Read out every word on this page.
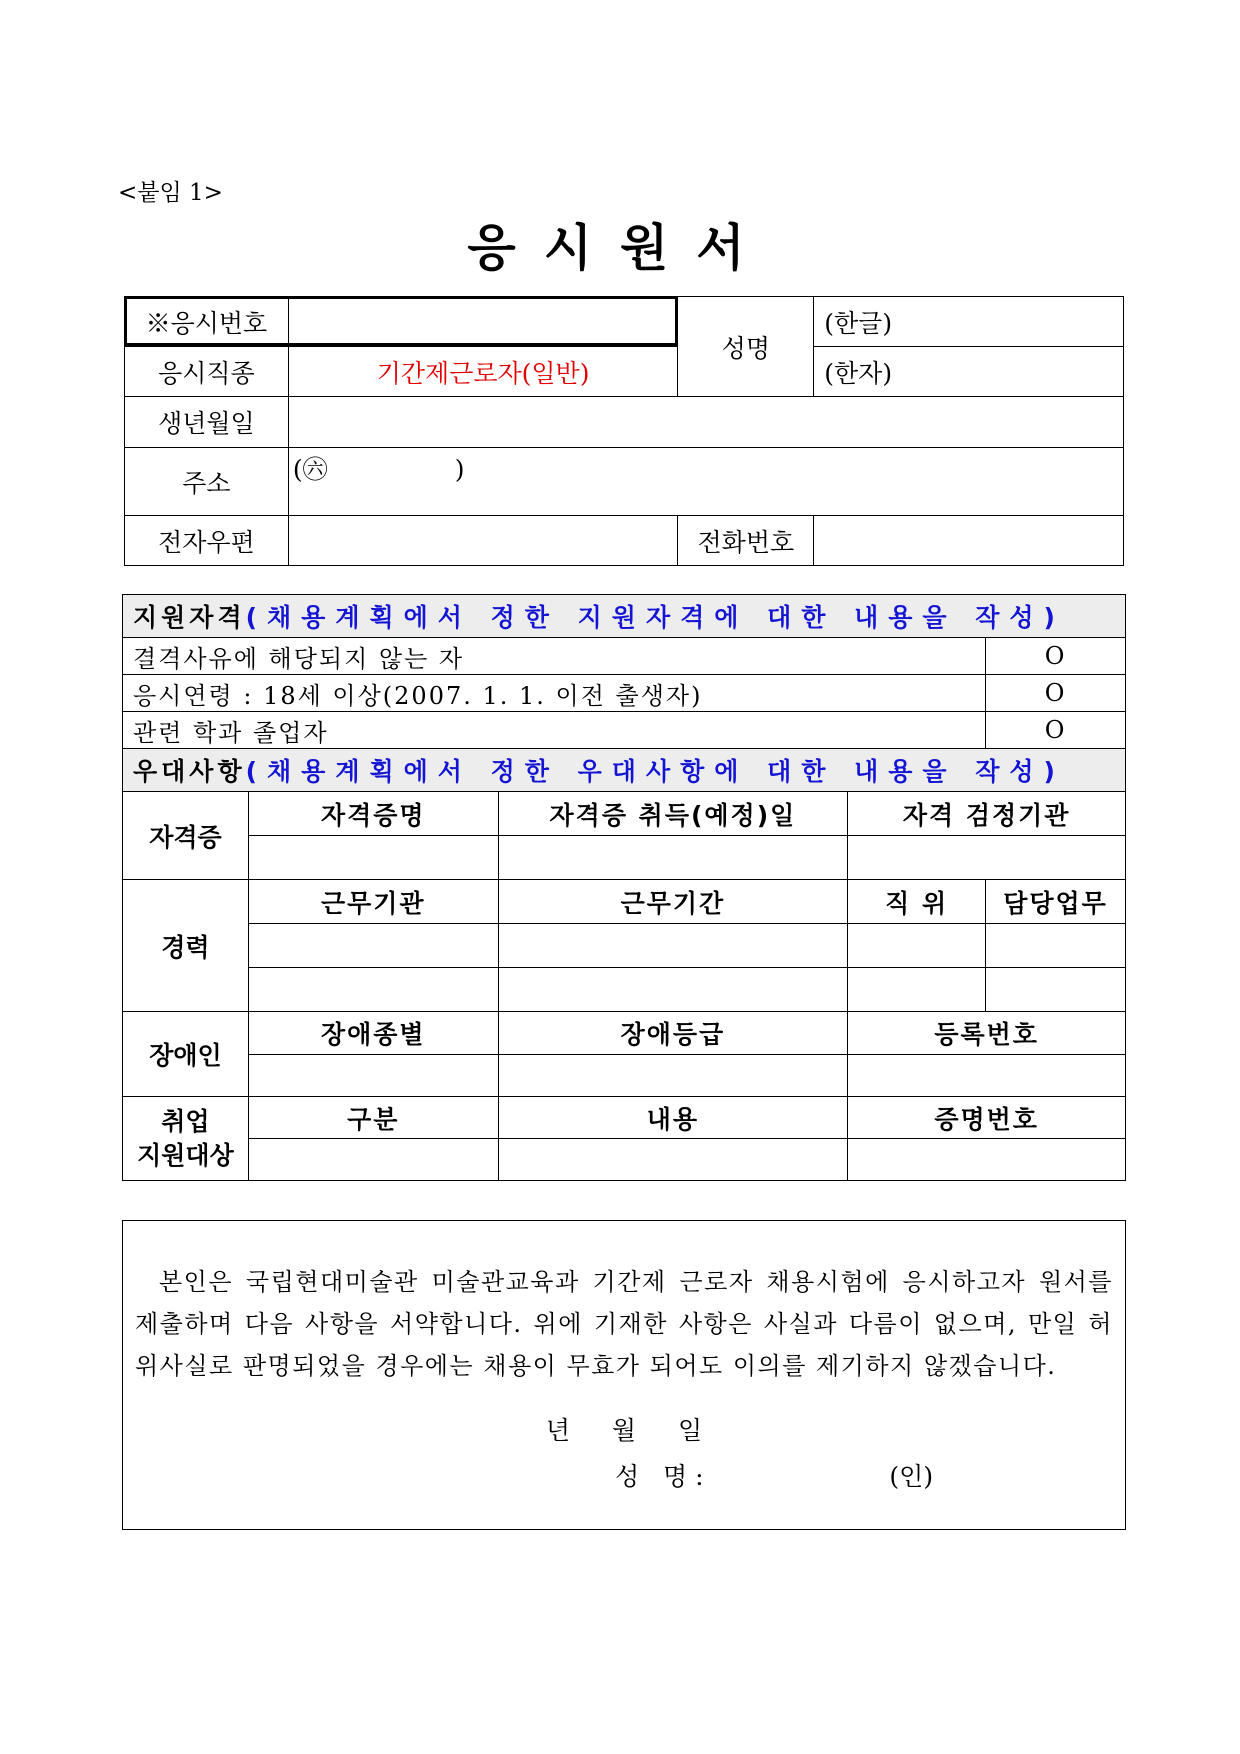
<붙임 1>
응시원서
※응시번호		성명	(한글)
응시직종	기간제근로자(일반)		(한자)
생년월일			
주소	(㊅                )		
전자우편		전화번호	
지원자격(채용계획에서 정한 지원자격에 대한 내용을 작성)				
결격사유에 해당되지 않는 자				O
응시연령 : 18세 이상(2007. 1. 1. 이전 출생자)				O
관련 학과 졸업자				O
우대사항(채용계획에서 정한 우대사항에 대한 내용을 작성)				
자격증	자격증명	자격증 취득(예정)일	자격 검정기관	

경력	근무기관	근무기간	직 위	담당업무

장애인	장애종별	장애등급	등록번호	

취업
지원대상	구분	내용	증명번호	

본인은 국립현대미술관 미술관교육과 기간제 근로자 채용시험에 응시하고자 원서를 제출하며 다음 사항을 서약합니다. 위에 기재한 사항은 사실과 다름이 없으며, 만일 허위사실로 판명되었을 경우에는 채용이 무효가 되어도 이의를 제기하지 않겠습니다.
년 월 일
성   명 :	(인)
